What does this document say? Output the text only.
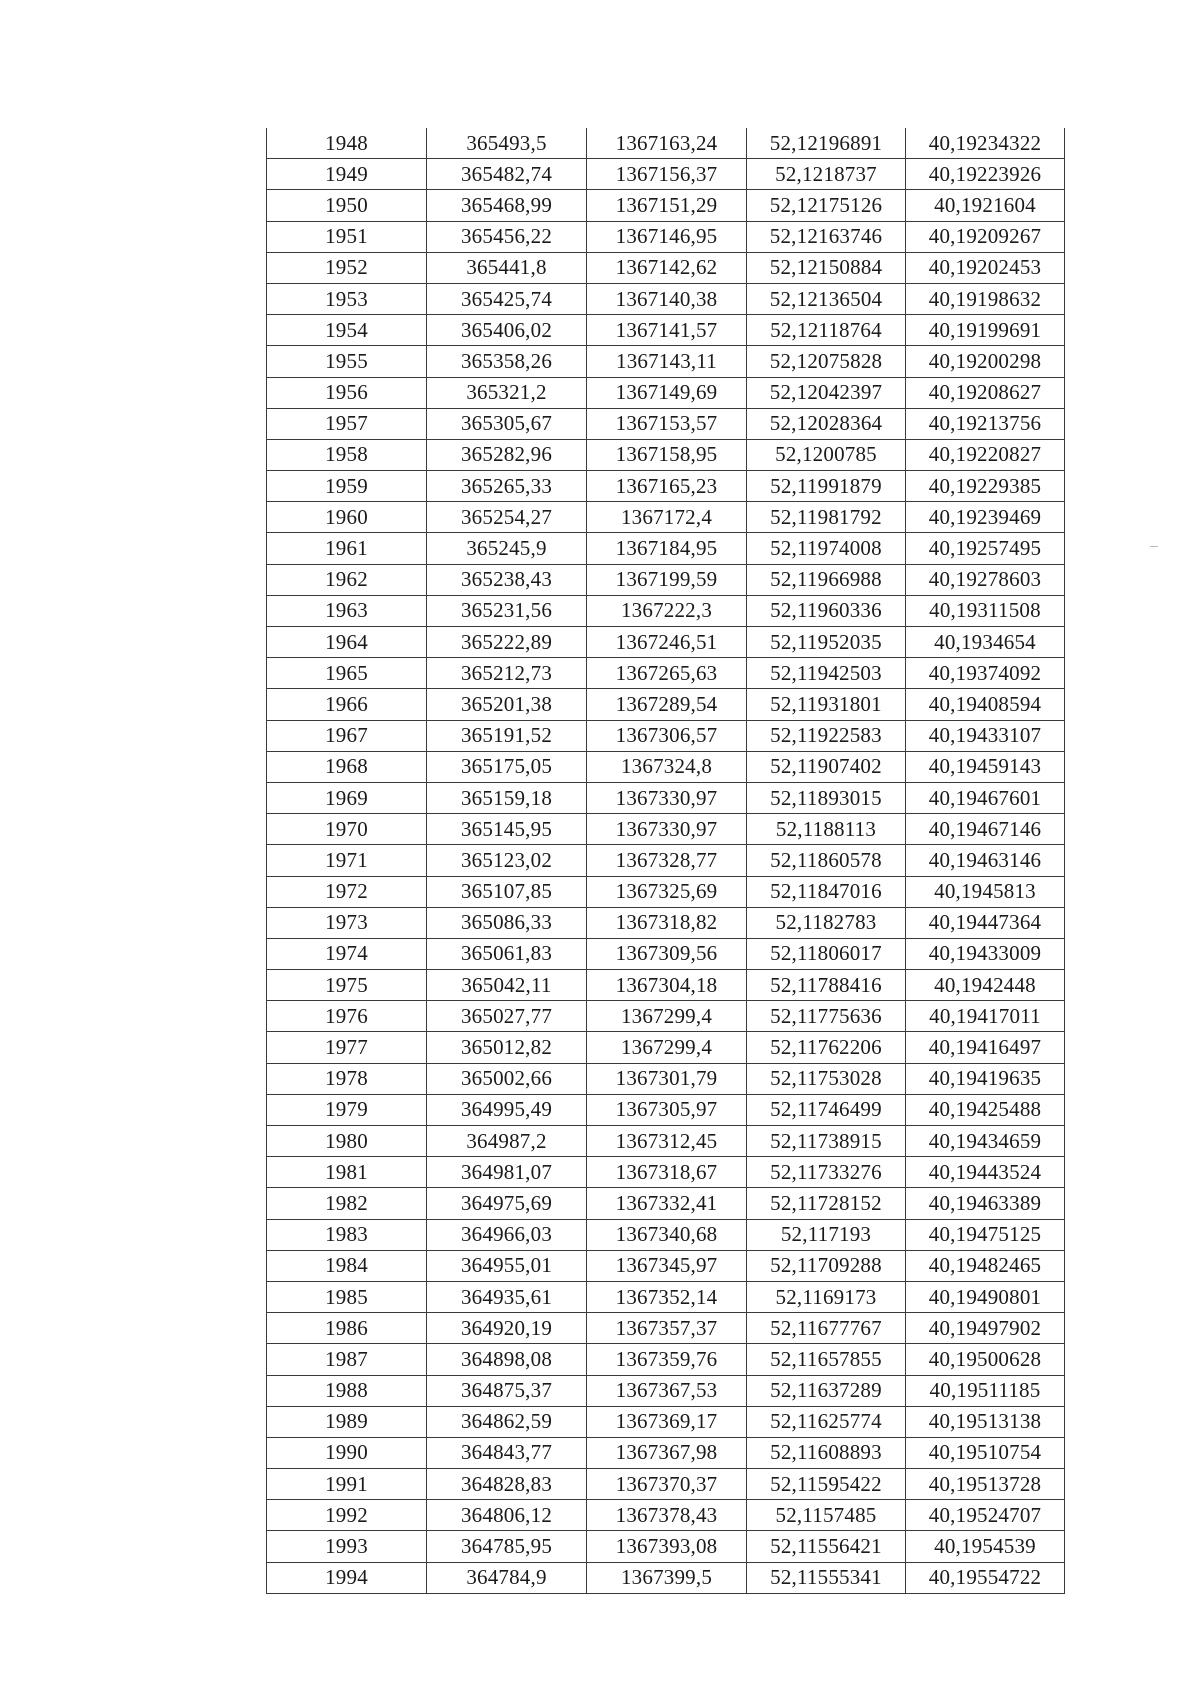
1948	365493,5	1367163,24	52,12196891	40,19234322
1949	365482,74	1367156,37	52,1218737	40,19223926
1950	365468,99	1367151,29	52,12175126	40,1921604
1951	365456,22	1367146,95	52,12163746	40,19209267
1952	365441,8	1367142,62	52,12150884	40,19202453
1953	365425,74	1367140,38	52,12136504	40,19198632
1954	365406,02	1367141,57	52,12118764	40,19199691
1955	365358,26	1367143,11	52,12075828	40,19200298
1956	365321,2	1367149,69	52,12042397	40,19208627
1957	365305,67	1367153,57	52,12028364	40,19213756
1958	365282,96	1367158,95	52,1200785	40,19220827
1959	365265,33	1367165,23	52,11991879	40,19229385
1960	365254,27	1367172,4	52,11981792	40,19239469
1961	365245,9	1367184,95	52,11974008	40,19257495
1962	365238,43	1367199,59	52,11966988	40,19278603
1963	365231,56	1367222,3	52,11960336	40,19311508
1964	365222,89	1367246,51	52,11952035	40,1934654
1965	365212,73	1367265,63	52,11942503	40,19374092
1966	365201,38	1367289,54	52,11931801	40,19408594
1967	365191,52	1367306,57	52,11922583	40,19433107
1968	365175,05	1367324,8	52,11907402	40,19459143
1969	365159,18	1367330,97	52,11893015	40,19467601
1970	365145,95	1367330,97	52,1188113	40,19467146
1971	365123,02	1367328,77	52,11860578	40,19463146
1972	365107,85	1367325,69	52,11847016	40,1945813
1973	365086,33	1367318,82	52,1182783	40,19447364
1974	365061,83	1367309,56	52,11806017	40,19433009
1975	365042,11	1367304,18	52,11788416	40,1942448
1976	365027,77	1367299,4	52,11775636	40,19417011
1977	365012,82	1367299,4	52,11762206	40,19416497
1978	365002,66	1367301,79	52,11753028	40,19419635
1979	364995,49	1367305,97	52,11746499	40,19425488
1980	364987,2	1367312,45	52,11738915	40,19434659
1981	364981,07	1367318,67	52,11733276	40,19443524
1982	364975,69	1367332,41	52,11728152	40,19463389
1983	364966,03	1367340,68	52,117193	40,19475125
1984	364955,01	1367345,97	52,11709288	40,19482465
1985	364935,61	1367352,14	52,1169173	40,19490801
1986	364920,19	1367357,37	52,11677767	40,19497902
1987	364898,08	1367359,76	52,11657855	40,19500628
1988	364875,37	1367367,53	52,11637289	40,19511185
1989	364862,59	1367369,17	52,11625774	40,19513138
1990	364843,77	1367367,98	52,11608893	40,19510754
1991	364828,83	1367370,37	52,11595422	40,19513728
1992	364806,12	1367378,43	52,1157485	40,19524707
1993	364785,95	1367393,08	52,11556421	40,1954539
1994	364784,9	1367399,5	52,11555341	40,19554722
